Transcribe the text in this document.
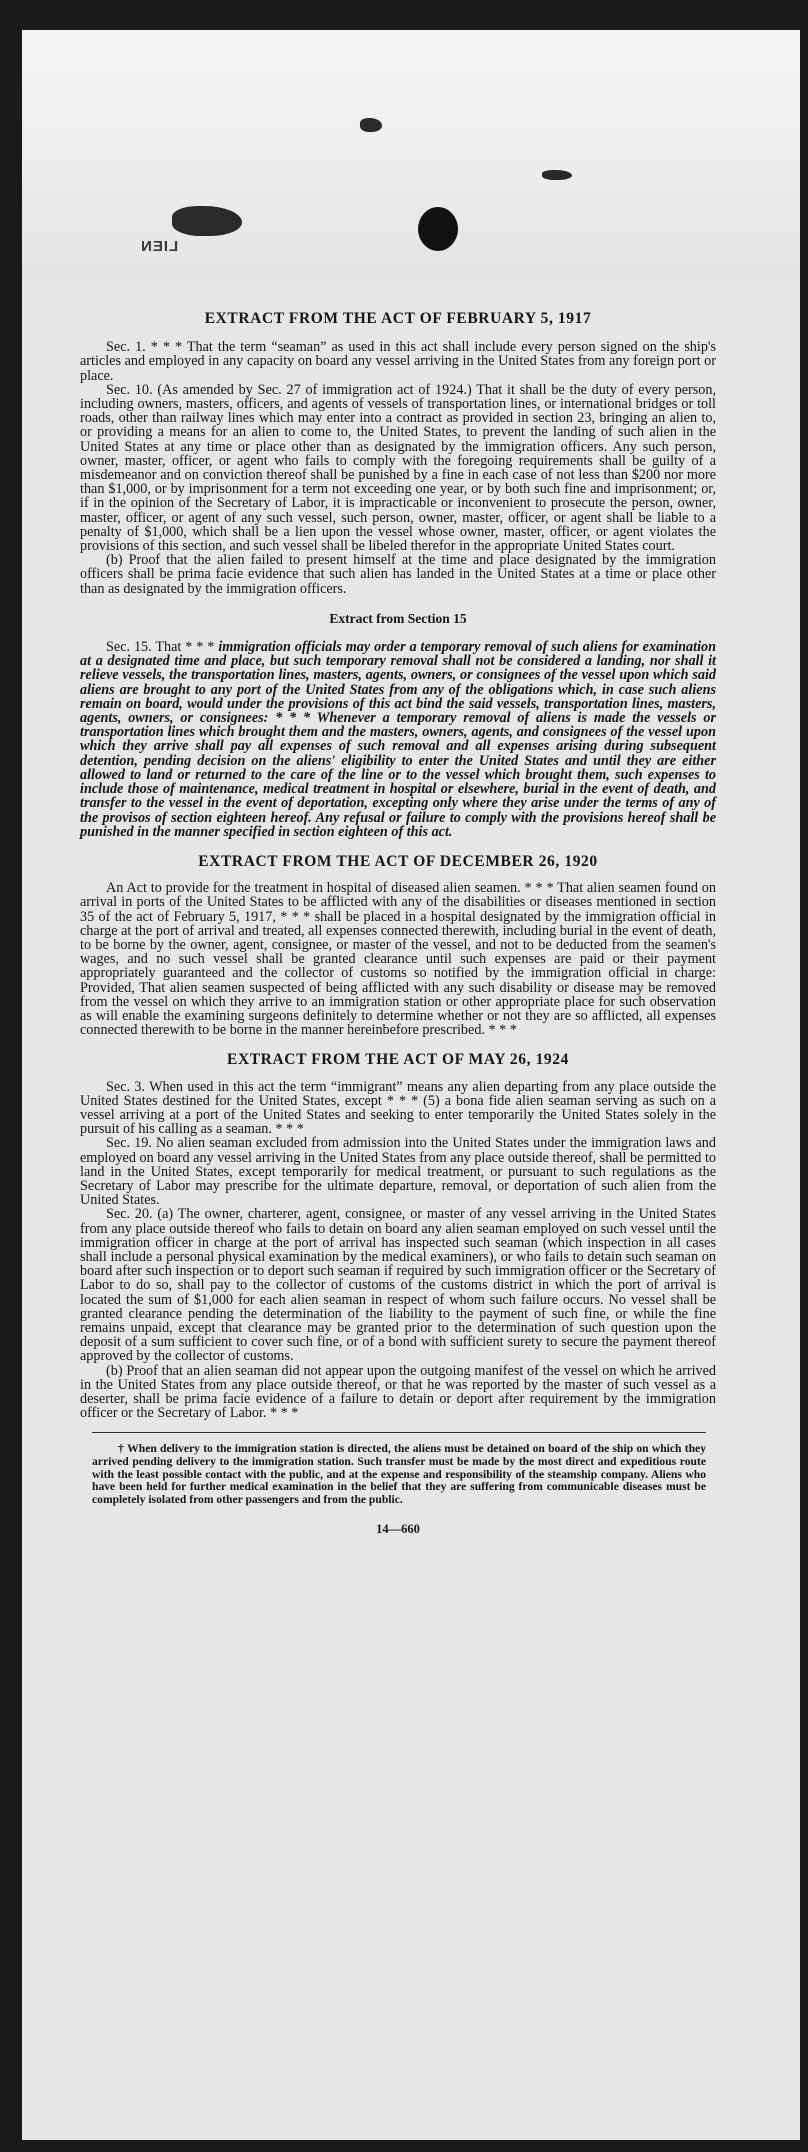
LIEN
EXTRACT FROM THE ACT OF FEBRUARY 5, 1917

Sec. 1. * * * That the term “seaman” as used in this act shall include every person signed on the ship's articles and employed in any capacity on board any vessel arriving in the United States from any foreign port or place.

Sec. 10. (As amended by Sec. 27 of immigration act of 1924.) That it shall be the duty of every person, including owners, masters, officers, and agents of vessels of transportation lines, or international bridges or toll roads, other than railway lines which may enter into a contract as provided in section 23, bringing an alien to, or providing a means for an alien to come to, the United States, to prevent the landing of such alien in the United States at any time or place other than as designated by the immigration officers. Any such person, owner, master, officer, or agent who fails to comply with the foregoing requirements shall be guilty of a misdemeanor and on conviction thereof shall be punished by a fine in each case of not less than $200 nor more than $1,000, or by imprisonment for a term not exceeding one year, or by both such fine and imprisonment; or, if in the opinion of the Secretary of Labor, it is impracticable or inconvenient to prosecute the person, owner, master, officer, or agent of any such vessel, such person, owner, master, officer, or agent shall be liable to a penalty of $1,000, which shall be a lien upon the vessel whose owner, master, officer, or agent violates the provisions of this section, and such vessel shall be libeled therefor in the appropriate United States court.

(b) Proof that the alien failed to present himself at the time and place designated by the immigration officers shall be prima facie evidence that such alien has landed in the United States at a time or place other than as designated by the immigration officers.

Extract from Section 15

Sec. 15. That * * * immigration officials may order a temporary removal of such aliens for examination at a designated time and place, but such temporary removal shall not be considered a landing, nor shall it relieve vessels, the transportation lines, masters, agents, owners, or consignees of the vessel upon which said aliens are brought to any port of the United States from any of the obligations which, in case such aliens remain on board, would under the provisions of this act bind the said vessels, transportation lines, masters, agents, owners, or consignees: * * * Whenever a temporary removal of aliens is made the vessels or transportation lines which brought them and the masters, owners, agents, and consignees of the vessel upon which they arrive shall pay all expenses of such removal and all expenses arising during subsequent detention, pending decision on the aliens' eligibility to enter the United States and until they are either allowed to land or returned to the care of the line or to the vessel which brought them, such expenses to include those of maintenance, medical treatment in hospital or elsewhere, burial in the event of death, and transfer to the vessel in the event of deportation, excepting only where they arise under the terms of any of the provisos of section eighteen hereof. Any refusal or failure to comply with the provisions hereof shall be punished in the manner specified in section eighteen of this act.

EXTRACT FROM THE ACT OF DECEMBER 26, 1920

An Act to provide for the treatment in hospital of diseased alien seamen. * * * That alien seamen found on arrival in ports of the United States to be afflicted with any of the disabilities or diseases mentioned in section 35 of the act of February 5, 1917, * * * shall be placed in a hospital designated by the immigration official in charge at the port of arrival and treated, all expenses connected therewith, including burial in the event of death, to be borne by the owner, agent, consignee, or master of the vessel, and not to be deducted from the seamen's wages, and no such vessel shall be granted clearance until such expenses are paid or their payment appropriately guaranteed and the collector of customs so notified by the immigration official in charge: Provided, That alien seamen suspected of being afflicted with any such disability or disease may be removed from the vessel on which they arrive to an immigration station or other appropriate place for such observation as will enable the examining surgeons definitely to determine whether or not they are so afflicted, all expenses connected therewith to be borne in the manner hereinbefore prescribed. * * *

EXTRACT FROM THE ACT OF MAY 26, 1924

Sec. 3. When used in this act the term “immigrant” means any alien departing from any place outside the United States destined for the United States, except * * * (5) a bona fide alien seaman serving as such on a vessel arriving at a port of the United States and seeking to enter temporarily the United States solely in the pursuit of his calling as a seaman. * * *

Sec. 19. No alien seaman excluded from admission into the United States under the immigration laws and employed on board any vessel arriving in the United States from any place outside thereof, shall be permitted to land in the United States, except temporarily for medical treatment, or pursuant to such regulations as the Secretary of Labor may prescribe for the ultimate departure, removal, or deportation of such alien from the United States.

Sec. 20. (a) The owner, charterer, agent, consignee, or master of any vessel arriving in the United States from any place outside thereof who fails to detain on board any alien seaman employed on such vessel until the immigration officer in charge at the port of arrival has inspected such seaman (which inspection in all cases shall include a personal physical examination by the medical examiners), or who fails to detain such seaman on board after such inspection or to deport such seaman if required by such immigration officer or the Secretary of Labor to do so, shall pay to the collector of customs of the customs district in which the port of arrival is located the sum of $1,000 for each alien seaman in respect of whom such failure occurs. No vessel shall be granted clearance pending the determination of the liability to the payment of such fine, or while the fine remains unpaid, except that clearance may be granted prior to the determination of such question upon the deposit of a sum sufficient to cover such fine, or of a bond with sufficient surety to secure the payment thereof approved by the collector of customs.

(b) Proof that an alien seaman did not appear upon the outgoing manifest of the vessel on which he arrived in the United States from any place outside thereof, or that he was reported by the master of such vessel as a deserter, shall be prima facie evidence of a failure to detain or deport after requirement by the immigration officer or the Secretary of Labor. * * *

† When delivery to the immigration station is directed, the aliens must be detained on board of the ship on which they arrived pending delivery to the immigration station. Such transfer must be made by the most direct and expeditious route with the least possible contact with the public, and at the expense and responsibility of the steamship company. Aliens who have been held for further medical examination in the belief that they are suffering from communicable diseases must be completely isolated from other passengers and from the public.

14—660
